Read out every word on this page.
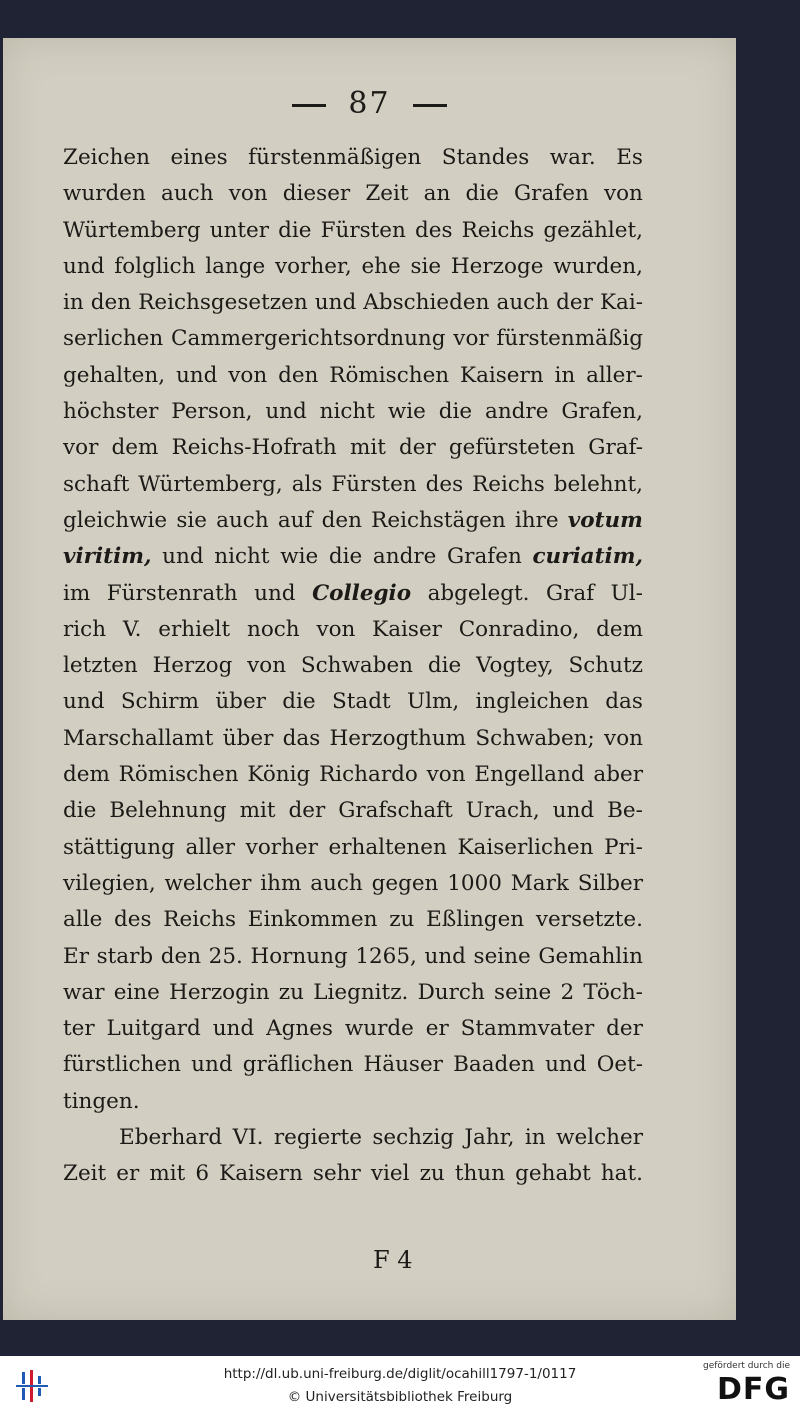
87
Zeichen eines fürstenmäßigen Standes war. Es
wurden auch von dieser Zeit an die Grafen von
Würtemberg unter die Fürsten des Reichs gezählet,
und folglich lange vorher, ehe sie Herzoge wurden,
in den Reichsgesetzen und Abschieden auch der Kai-
serlichen Cammergerichtsordnung vor fürstenmäßig
gehalten, und von den Römischen Kaisern in aller-
höchster Person, und nicht wie die andre Grafen,
vor dem Reichs-Hofrath mit der gefürsteten Graf-
schaft Würtemberg, als Fürsten des Reichs belehnt,
gleichwie sie auch auf den Reichstägen ihre votum
viritim, und nicht wie die andre Grafen curiatim,
im Fürstenrath und Collegio abgelegt. Graf Ul-
rich V. erhielt noch von Kaiser Conradino, dem
letzten Herzog von Schwaben die Vogtey, Schutz
und Schirm über die Stadt Ulm, ingleichen das
Marschallamt über das Herzogthum Schwaben; von
dem Römischen König Richardo von Engelland aber
die Belehnung mit der Grafschaft Urach, und Be-
stättigung aller vorher erhaltenen Kaiserlichen Pri-
vilegien, welcher ihm auch gegen 1000 Mark Silber
alle des Reichs Einkommen zu Eßlingen versetzte.
Er starb den 25. Hornung 1265, und seine Gemahlin
war eine Herzogin zu Liegnitz. Durch seine 2 Töch-
ter Luitgard und Agnes wurde er Stammvater der
fürstlichen und gräflichen Häuser Baaden und Oet-
tingen.
Eberhard VI. regierte sechzig Jahr, in welcher
Zeit er mit 6 Kaisern sehr viel zu thun gehabt hat.
F 4
http://dl.ub.uni-freiburg.de/diglit/ocahill1797-1/0117
© Universitätsbibliothek Freiburg
gefördert durch die
DFG
